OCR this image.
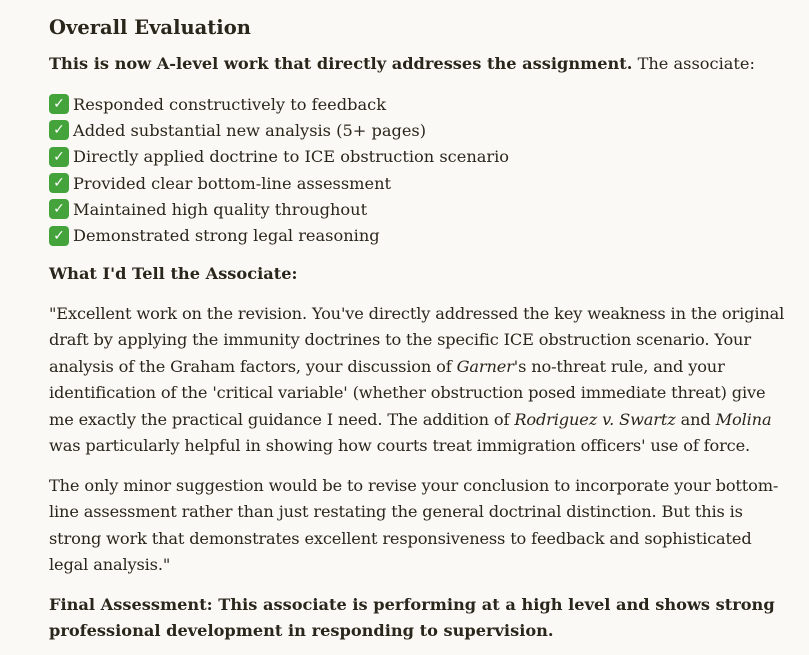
Overall Evaluation

This is now A-level work that directly addresses the assignment. The associate:

✓ Responded constructively to feedback
✓ Added substantial new analysis (5+ pages)
✓ Directly applied doctrine to ICE obstruction scenario
✓ Provided clear bottom-line assessment
✓ Maintained high quality throughout
✓ Demonstrated strong legal reasoning
What I'd Tell the Associate:

"Excellent work on the revision. You've directly addressed the key weakness in the original
draft by applying the immunity doctrines to the specific ICE obstruction scenario. Your
analysis of the Graham factors, your discussion of Garner's no-threat rule, and your
identification of the 'critical variable' (whether obstruction posed immediate threat) give
me exactly the practical guidance I need. The addition of Rodriguez v. Swartz and Molina
was particularly helpful in showing how courts treat immigration officers' use of force.

The only minor suggestion would be to revise your conclusion to incorporate your bottom-
line assessment rather than just restating the general doctrinal distinction. But this is
strong work that demonstrates excellent responsiveness to feedback and sophisticated
legal analysis."

Final Assessment: This associate is performing at a high level and shows strong
professional development in responding to supervision.
